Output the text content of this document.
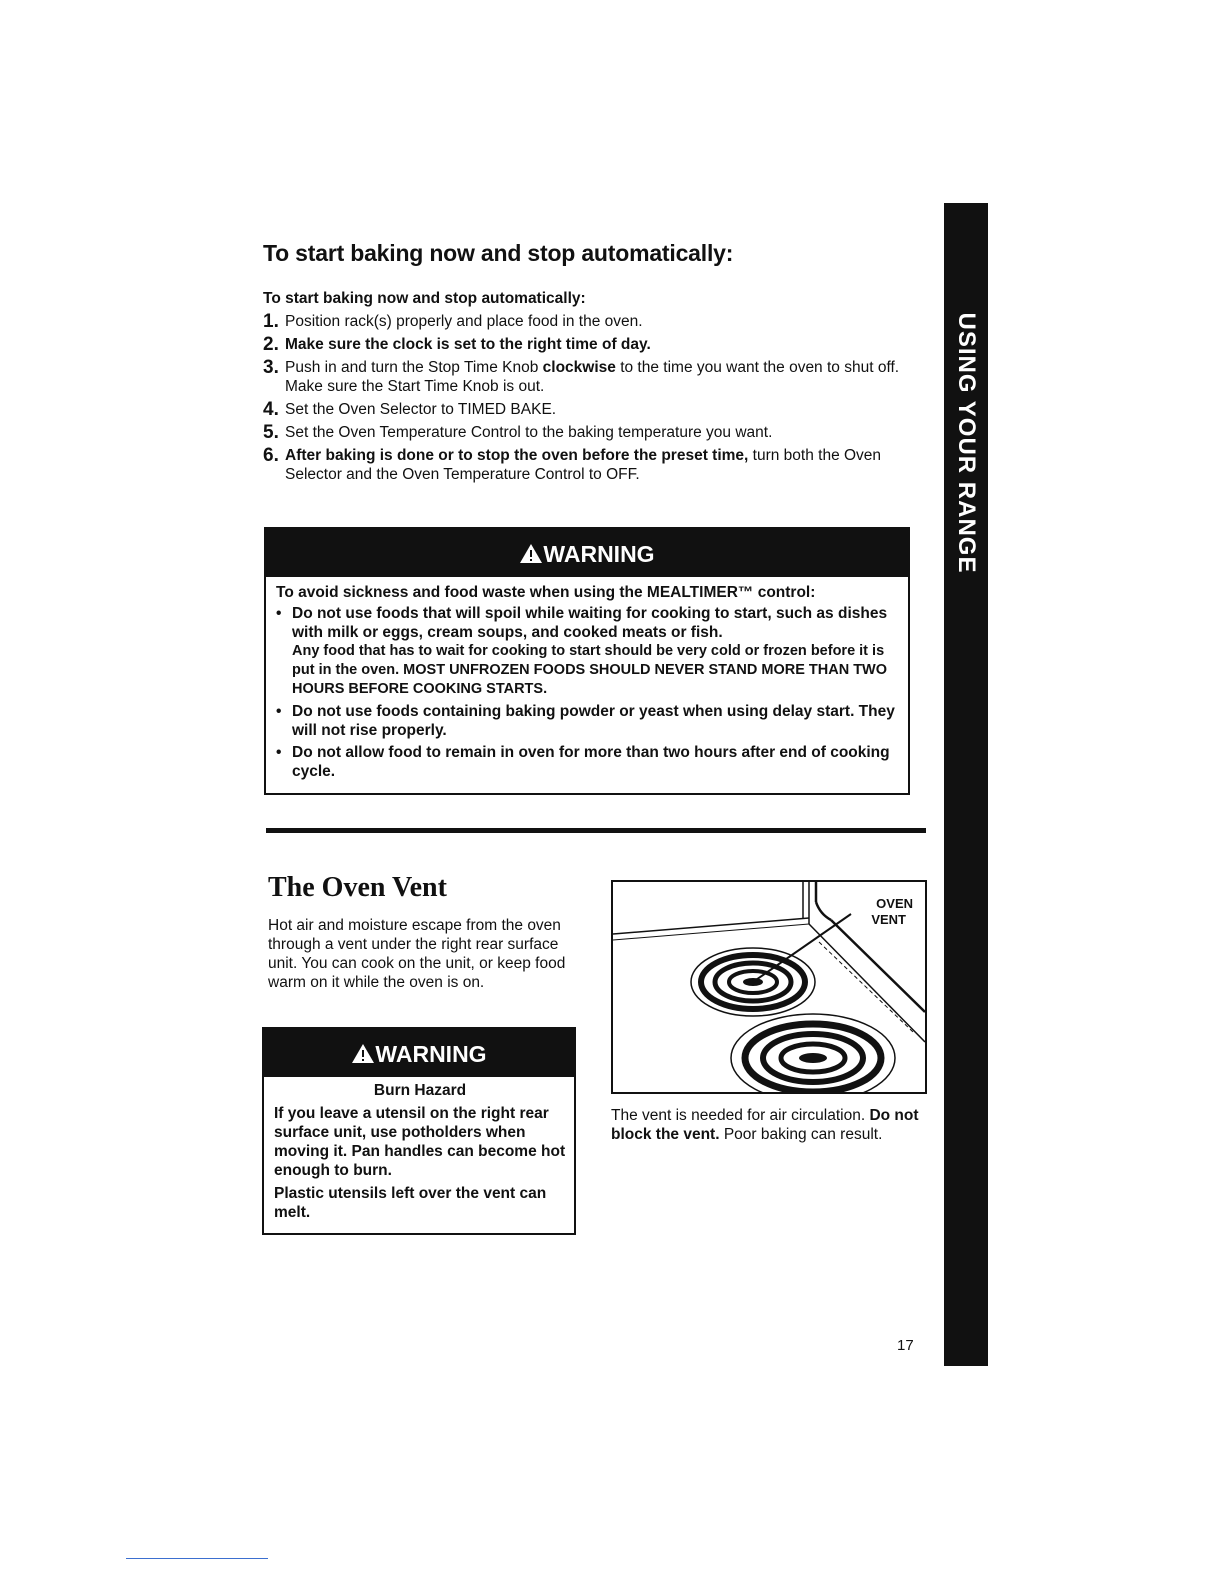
To start baking now and stop automatically:
To start baking now and stop automatically:
1. Position rack(s) properly and place food in the oven.
2. Make sure the clock is set to the right time of day.
3. Push in and turn the Stop Time Knob clockwise to the time you want the oven to shut off. Make sure the Start Time Knob is out.
4. Set the Oven Selector to TIMED BAKE.
5. Set the Oven Temperature Control to the baking temperature you want.
6. After baking is done or to stop the oven before the preset time, turn both the Oven Selector and the Oven Temperature Control to OFF.
WARNING
To avoid sickness and food waste when using the MEALTIMER™ control:
• Do not use foods that will spoil while waiting for cooking to start, such as dishes with milk or eggs, cream soups, and cooked meats or fish.
Any food that has to wait for cooking to start should be very cold or frozen before it is put in the oven. MOST UNFROZEN FOODS SHOULD NEVER STAND MORE THAN TWO HOURS BEFORE COOKING STARTS.
• Do not use foods containing baking powder or yeast when using delay start. They will not rise properly.
• Do not allow food to remain in oven for more than two hours after end of cooking cycle.
The Oven Vent
Hot air and moisture escape from the oven through a vent under the right rear surface unit. You can cook on the unit, or keep food warm on it while the oven is on.
WARNING
Burn Hazard
If you leave a utensil on the right rear surface unit, use potholders when moving it. Pan handles can become hot enough to burn.
Plastic utensils left over the vent can melt.
OVEN
VENT
The vent is needed for air circulation. Do not block the vent. Poor baking can result.
USING YOUR RANGE
17
